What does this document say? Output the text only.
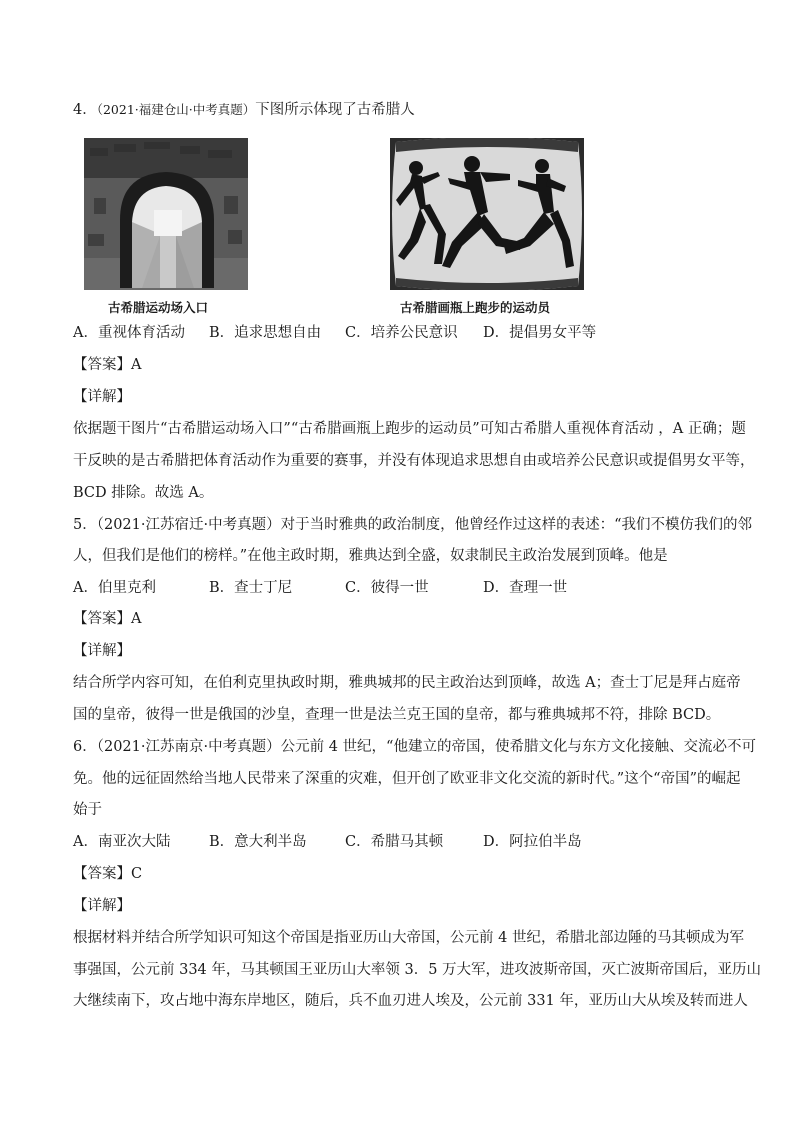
4．（2021·福建仓山·中考真题）下图所示体现了古希腊人
古希腊运动场入口	古希腊画瓶上跑步的运动员
A．重视体育活动 B．追求思想自由 C．培养公民意识 D．提倡男女平等
【答案】A
【详解】
依据题干图片“古希腊运动场入口”“古希腊画瓶上跑步的运动员”可知古希腊人重视体育活动 ，A 正确；题
干反映的是古希腊把体育活动作为重要的赛事，并没有体现追求思想自由或培养公民意识或提倡男女平等，
BCD 排除。故选 A。
5．（2021·江苏宿迁·中考真题）对于当时雅典的政治制度，他曾经作过这样的表述：“我们不模仿我们的邻
人，但我们是他们的榜样。”在他主政时期，雅典达到全盛，奴隶制民主政治发展到顶峰。他是
A．伯里克利	B．查士丁尼	C．彼得一世	D．查理一世
【答案】A
【详解】
结合所学内容可知，在伯利克里执政时期，雅典城邦的民主政治达到顶峰，故选 A；查士丁尼是拜占庭帝
国的皇帝，彼得一世是俄国的沙皇，查理一世是法兰克王国的皇帝，都与雅典城邦不符，排除 BCD。
6．（2021·江苏南京·中考真题）公元前 4 世纪，“他建立的帝国，使希腊文化与东方文化接触、交流必不可
免。他的远征固然给当地人民带来了深重的灾难，但开创了欧亚非文化交流的新时代。”这个“帝国”的崛起
始于
A．南亚次大陆	B．意大利半岛	C．希腊马其顿	D．阿拉伯半岛
【答案】C
【详解】
根据材料并结合所学知识可知这个帝国是指亚历山大帝国，公元前 4 世纪，希腊北部边陲的马其顿成为军
事强国，公元前 334 年，马其顿国王亚历山大率领 3．5 万大军，进攻波斯帝国，灭亡波斯帝国后，亚历山
大继续南下，攻占地中海东岸地区，随后，兵不血刃进人埃及，公元前 331 年，亚历山大从埃及转而进人
